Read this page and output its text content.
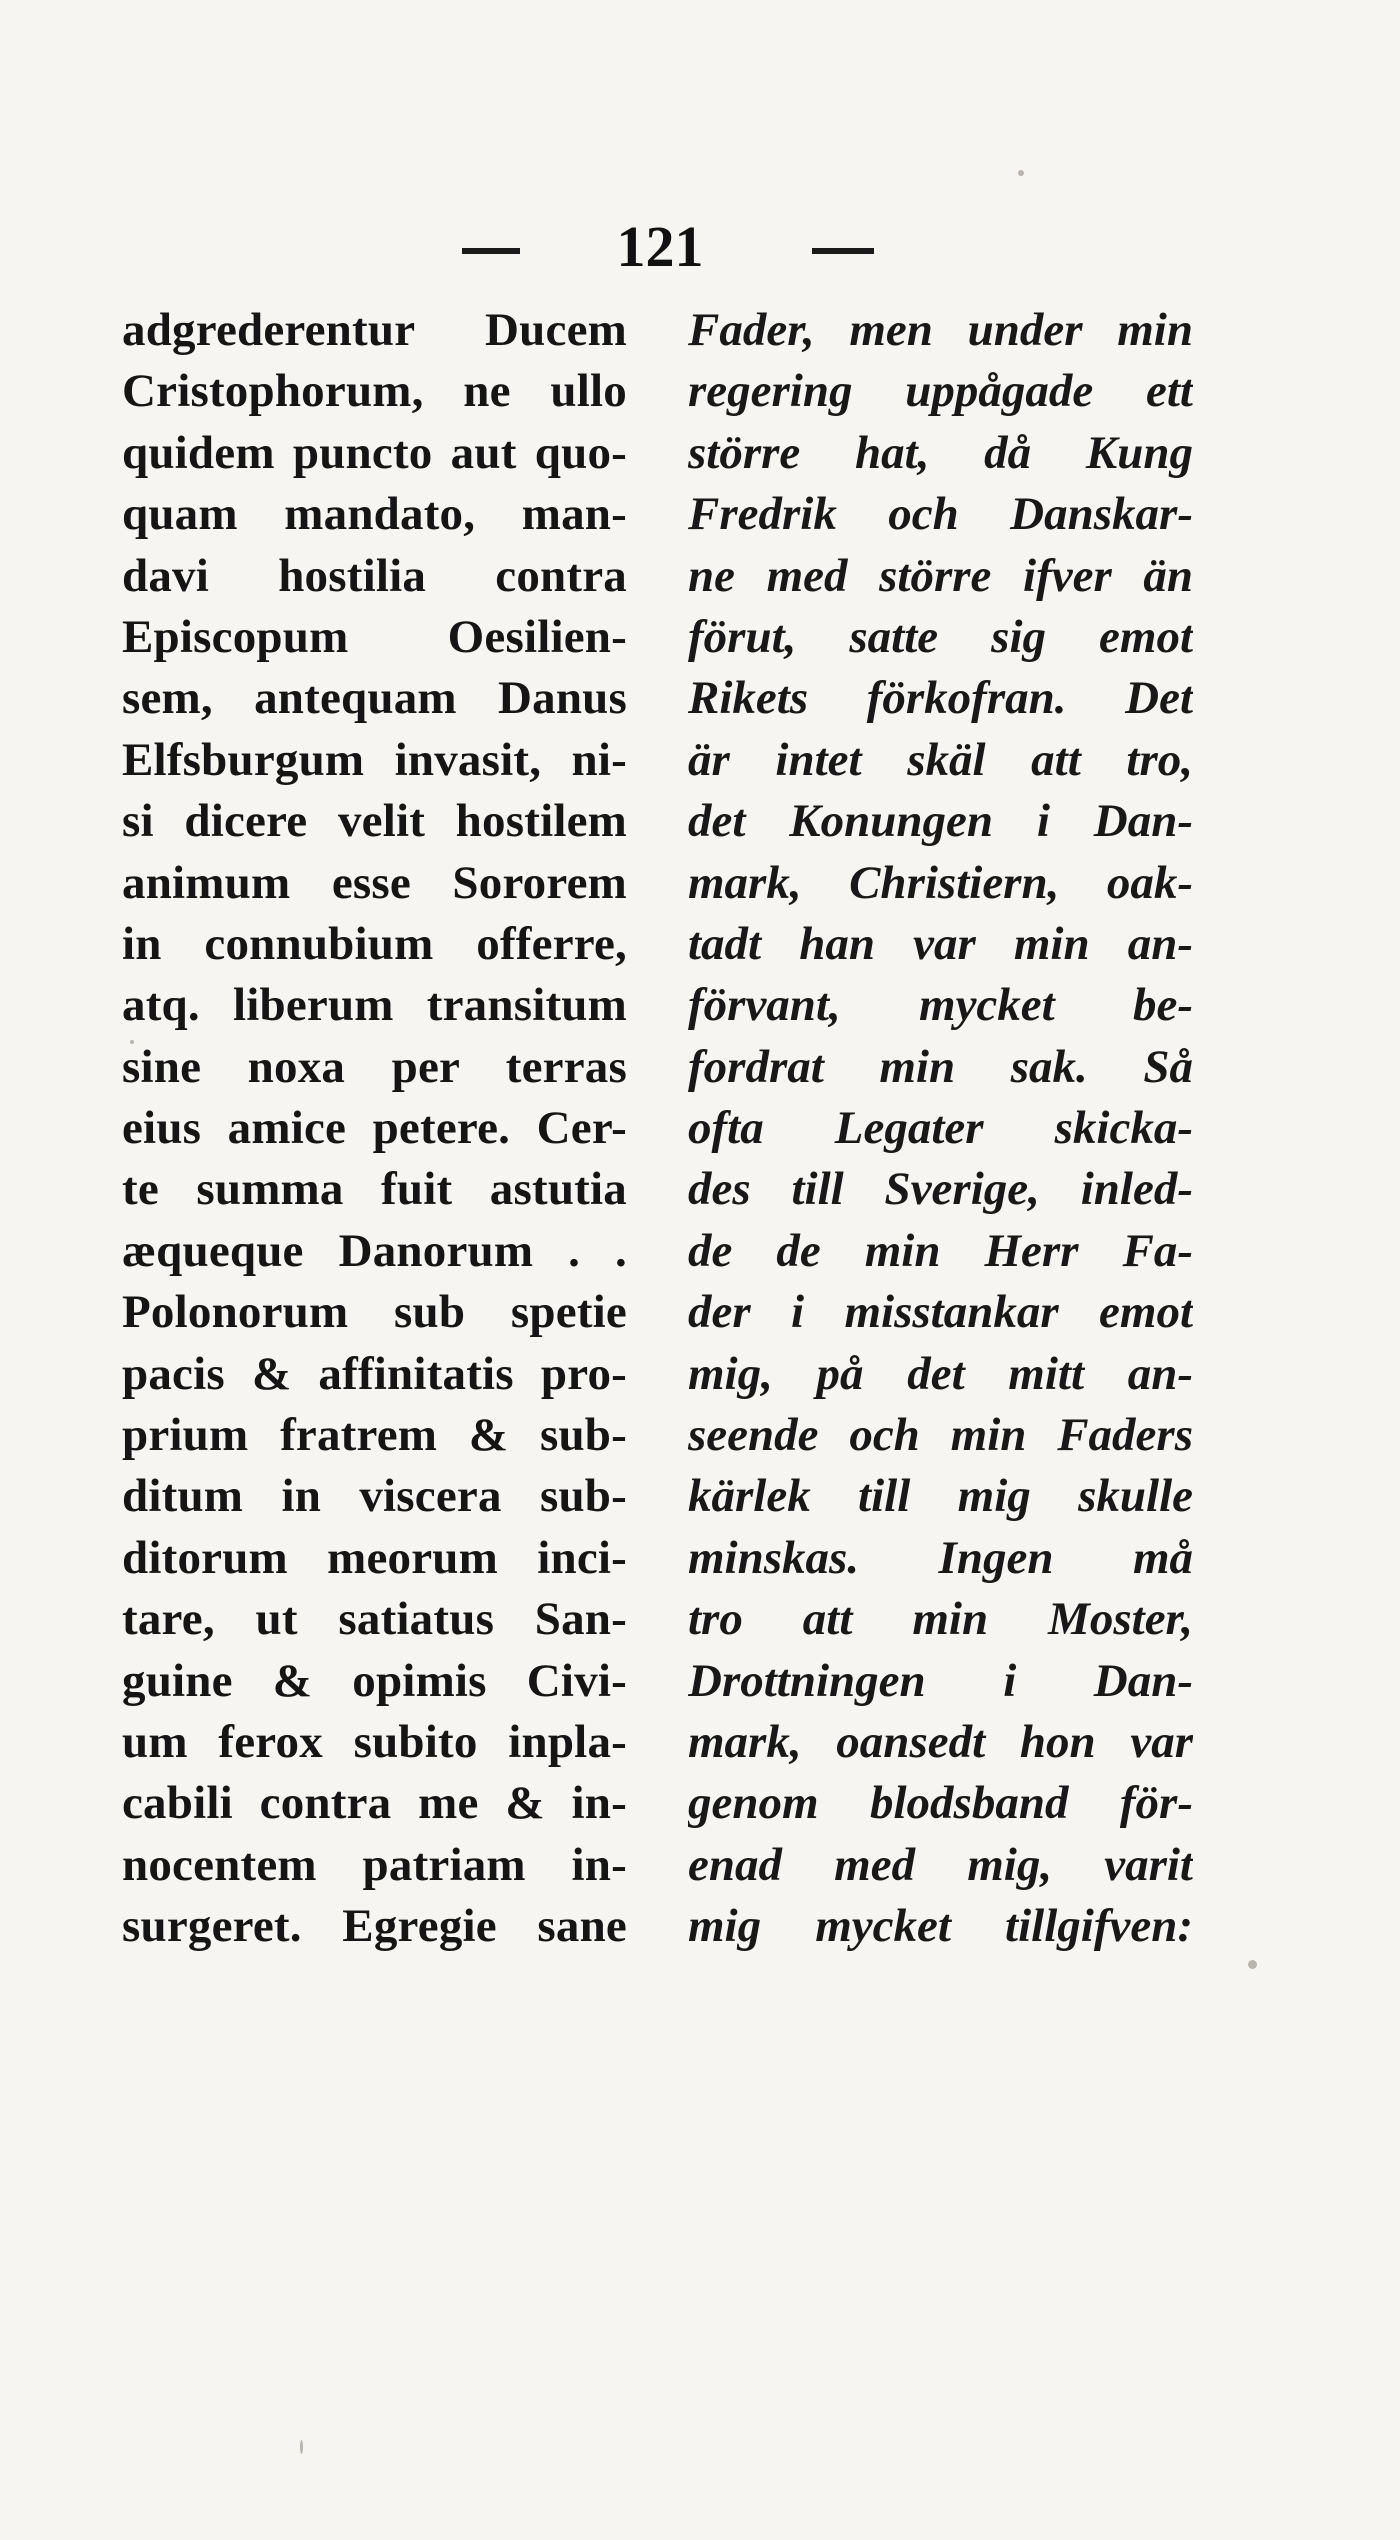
121
adgrederentur Ducem
Cristophorum, ne ullo
quidem puncto aut quo-
quam mandato, man-
davi hostilia contra
Episcopum Oesilien-
sem, antequam Danus
Elfsburgum invasit, ni-
si dicere velit hostilem
animum esse Sororem
in connubium offerre,
atq. liberum transitum
sine noxa per terras
eius amice petere. Cer-
te summa fuit astutia
æqueque Danorum . .
Polonorum sub spetie
pacis & affinitatis pro-
prium fratrem & sub-
ditum in viscera sub-
ditorum meorum inci-
tare, ut satiatus San-
guine & opimis Civi-
um ferox subito inpla-
cabili contra me & in-
nocentem patriam in-
surgeret. Egregie sane
Fader, men under min
regering uppågade ett
större hat, då Kung
Fredrik och Danskar-
ne med större ifver än
förut, satte sig emot
Rikets förkofran. Det
är intet skäl att tro,
det Konungen i Dan-
mark, Christiern, oak-
tadt han var min an-
förvant, mycket be-
fordrat min sak. Så
ofta Legater skicka-
des till Sverige, inled-
de de min Herr Fa-
der i misstankar emot
mig, på det mitt an-
seende och min Faders
kärlek till mig skulle
minskas. Ingen må
tro att min Moster,
Drottningen i Dan-
mark, oansedt hon var
genom blodsband för-
enad med mig, varit
mig mycket tillgifven:
